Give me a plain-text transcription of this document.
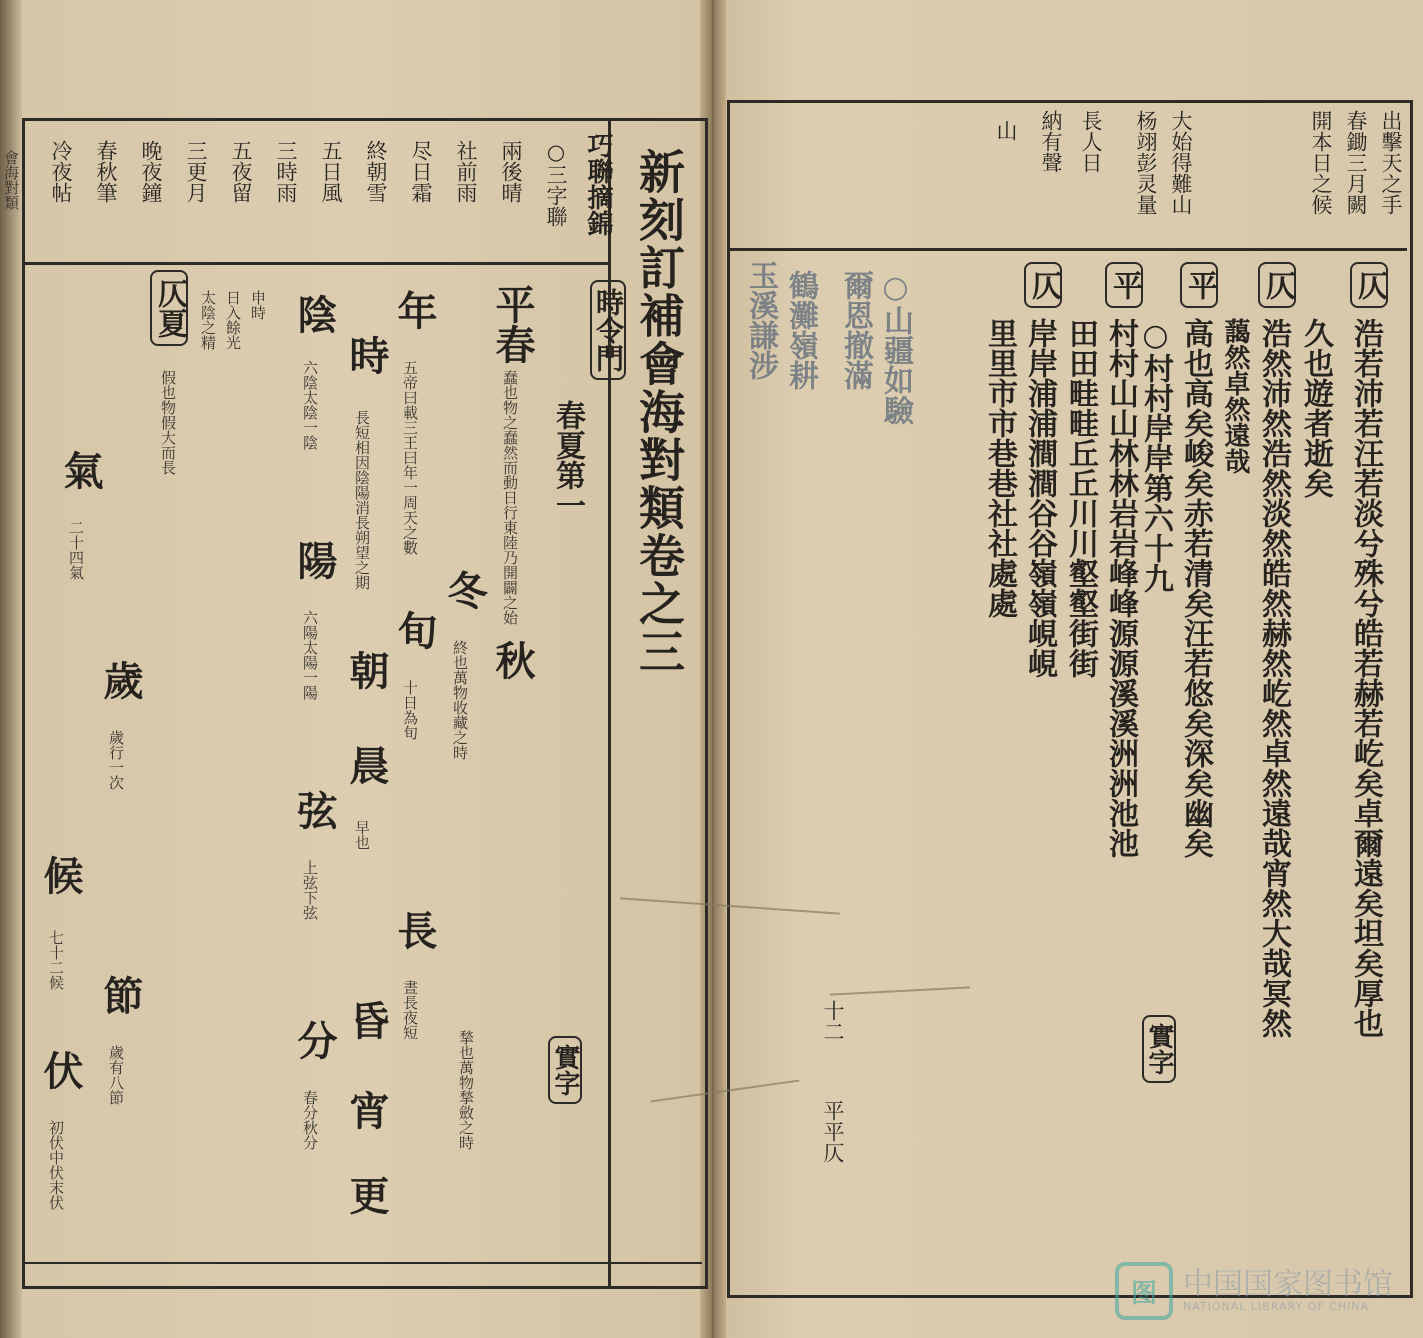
會海對類	新刻訂補會海對類卷之三
巧聯摘錦
○三字聯
兩後晴
社前雨
尽日霜
終朝雪
五日風
三時雨
五夜留
三更月
晚夜鐘
春秋筆
冷夜帖
時令門
春夏第一
實字
平春
蠢也物之蠢然而動日行東陸乃開闢之始
秋
揫也萬物揫斂之時
冬
終也萬物收藏之時
年
五帝曰載三王曰年一周天之數
旬
十日為旬
長
晝長夜短
時
長短相因陰陽消長朔望之期
朝
晨
早也
昏
宵
更
陰
六陰太陰一陰
陽
六陽太陽一陽
弦
上弦下弦
分
春分秋分
申時
日入餘光
太陰之精
仄夏
假也物假大而長
氣
二十四氣
候
七十二候
歲
歲行一次
節
歲有八節
伏
初伏中伏末伏
出擊天之手
春鋤三月闕
開本日之候
大始得難山
杨翊彭灵量
長人日
納有聲
山
仄
浩若沛若汪若淡兮殊兮皓若赫若屹矣卓爾遠矣坦矣厚也
久也遊者逝矣
仄
浩然沛然浩然淡然皓然赫然屹然卓然遠哉宵然大哉冥然
藹然卓然遠哉
平
高也高矣峻矣赤若清矣汪若悠矣深矣幽矣
○村村岸岸第六十九
平
村村山山林林岩岩峰峰源源溪溪洲洲池池
田田畦畦丘丘川川壑壑街街
仄
岸岸浦浦澗澗谷谷嶺嶺峴峴
里里市市巷巷社社處處
實字
十二
平平仄
○山疆如驗
爾恩撤滿
鶴灘嶺耕
玉溪謙涉
图 中国国家图书馆
NATIONAL LIBRARY OF CHINA
